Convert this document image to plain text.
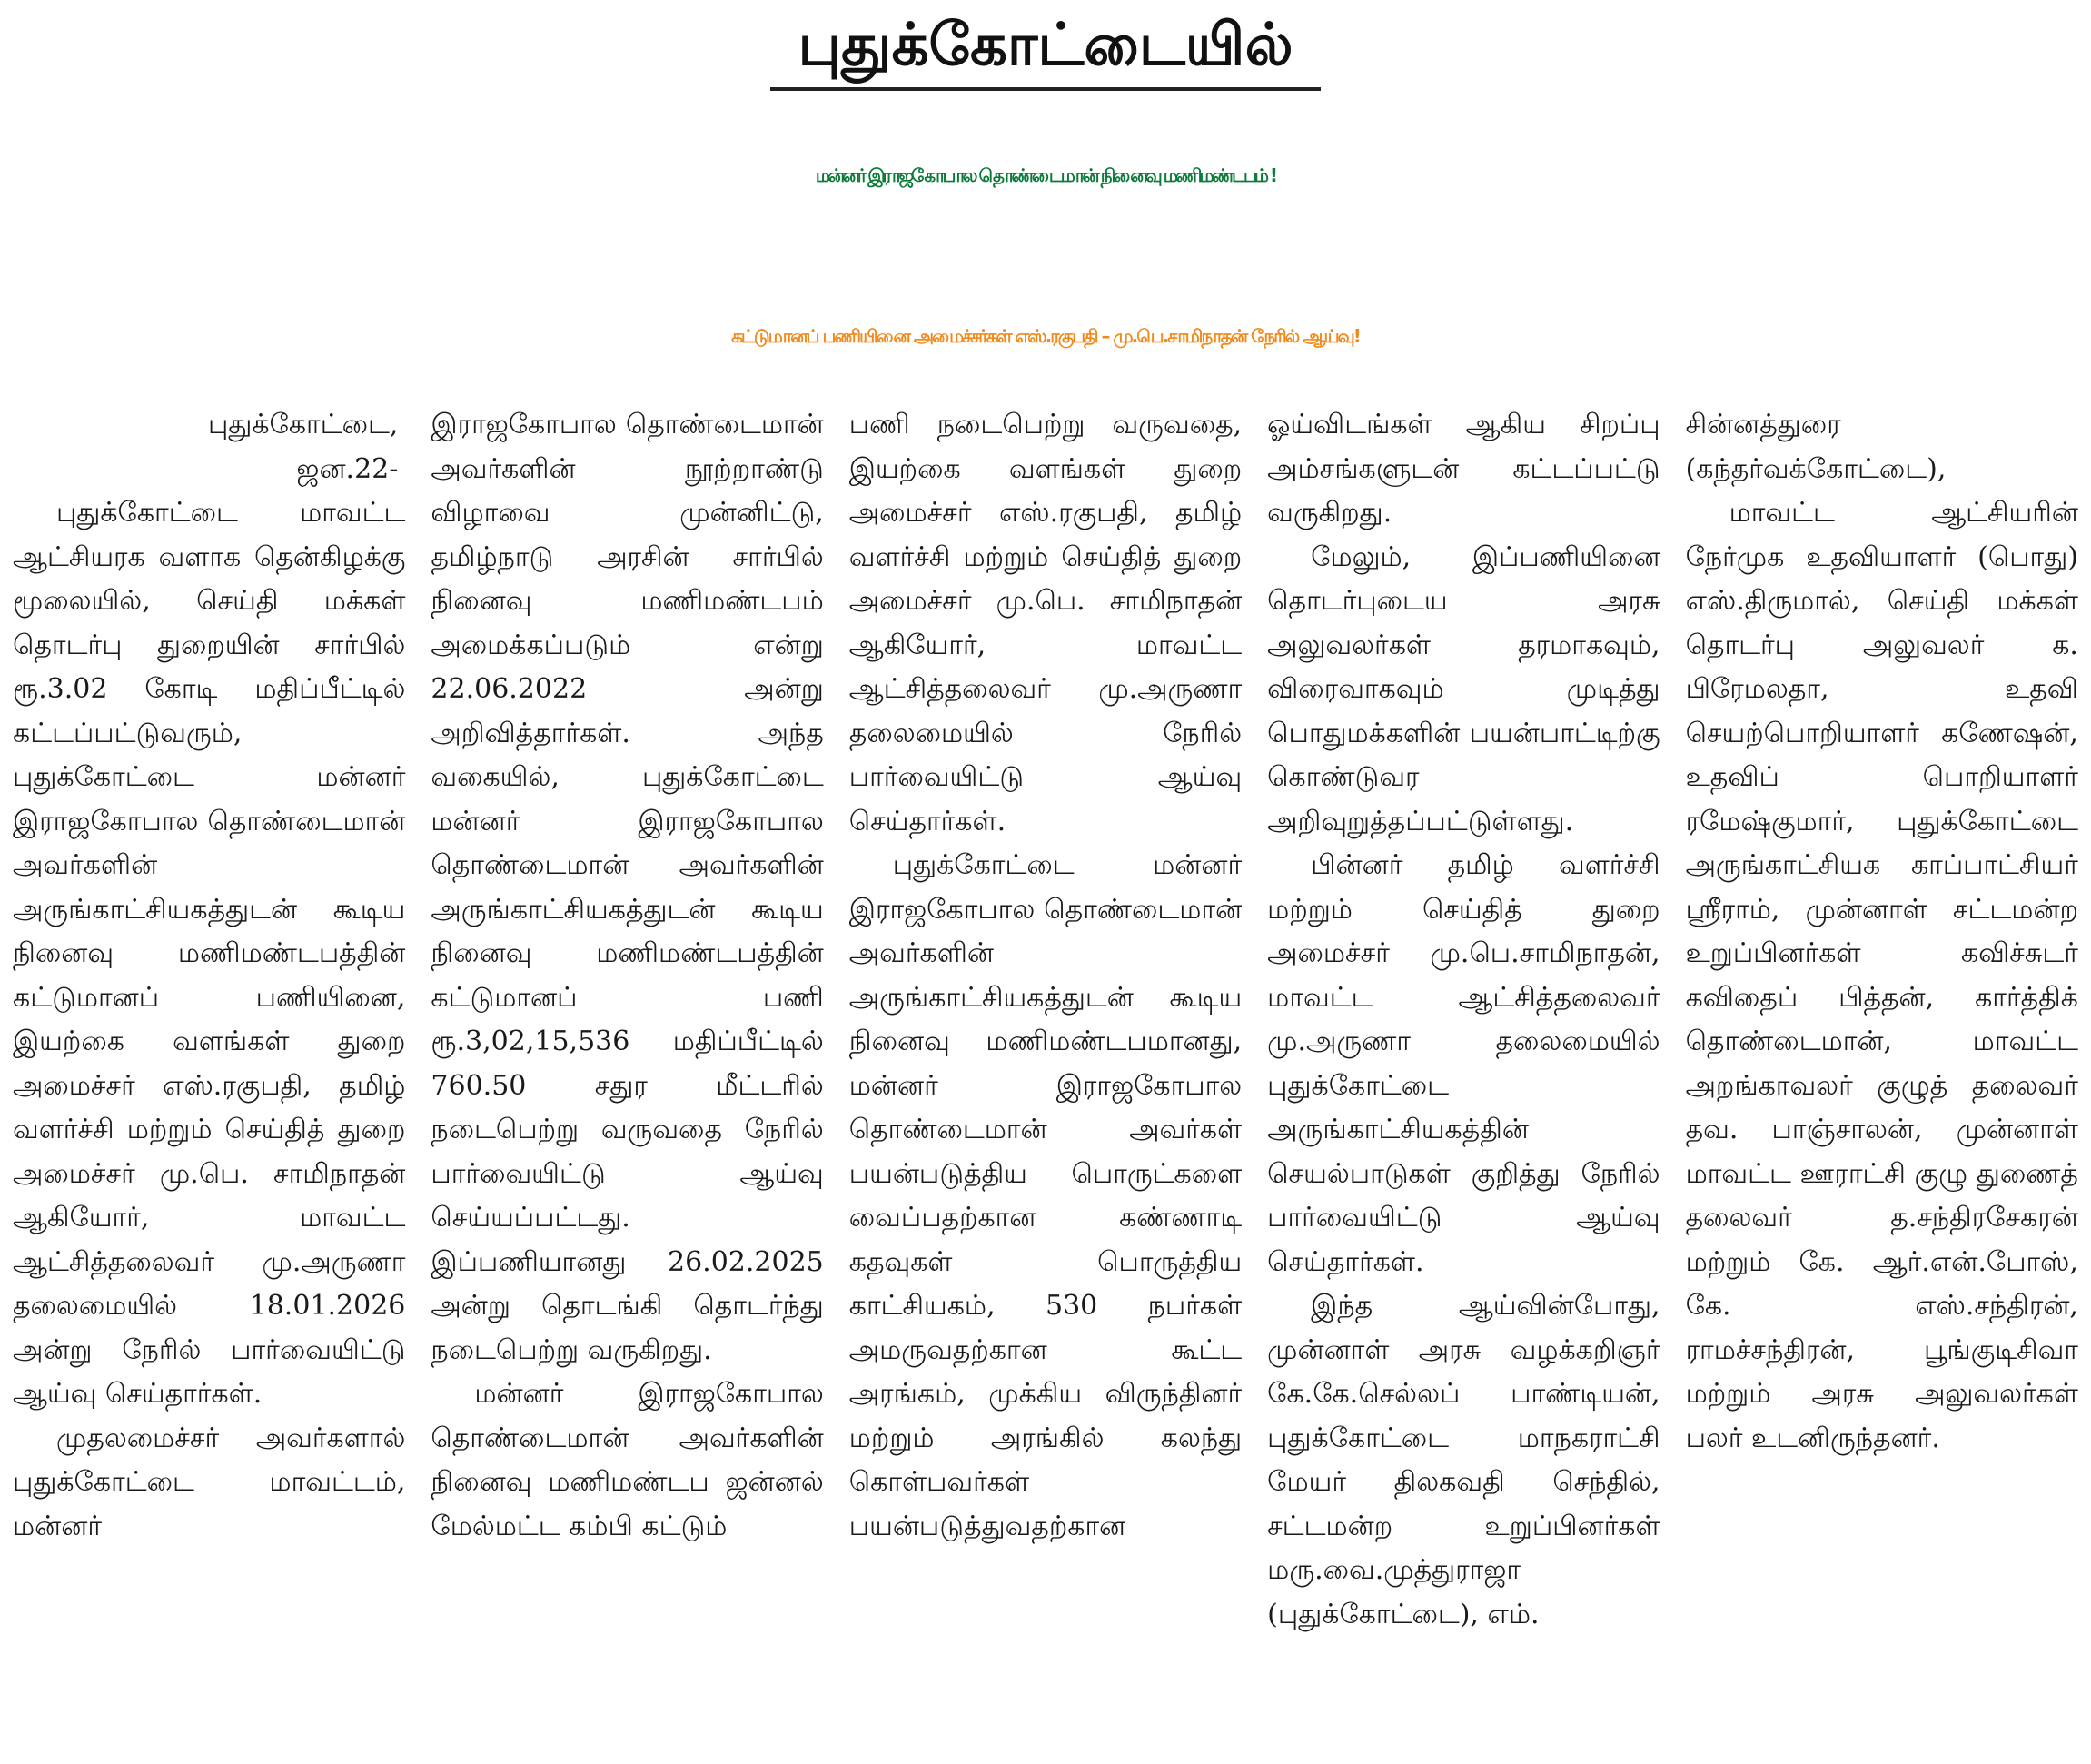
புதுக்கோட்டையில்
மன்னர் இராஜகோபால தொண்டைமான் நினைவு மணிமண்டபம் !
கட்டுமானப் பணியினை அமைச்சர்கள் எஸ்.ரகுபதி – மு.பெ.சாமிநாதன் நேரில் ஆய்வு!
புதுக்கோட்டை,
ஜன.22-

புதுக்கோட்டை மாவட்ட ஆட்சியரக வளாக தென்கிழக்கு மூலையில், செய்தி மக்கள் தொடர்பு துறையின் சார்பில் ரூ.3.02 கோடி மதிப்பீட்டில் கட்டப்பட்டுவரும், புதுக்கோட்டை மன்னர் இராஜகோபால தொண்டைமான் அவர்களின் அருங்காட்சியகத்துடன் கூடிய நினைவு மணிமண்டபத்தின் கட்டுமானப் பணியினை, இயற்கை வளங்கள் துறை அமைச்சர் எஸ்.ரகுபதி, தமிழ் வளர்ச்சி மற்றும் செய்தித் துறை அமைச்சர் மு.பெ. சாமிநாதன் ஆகியோர், மாவட்ட ஆட்சித்தலைவர் மு.அருணா தலைமையில் 18.01.2026 அன்று நேரில் பார்வையிட்டு ஆய்வு செய்தார்கள்.

முதலமைச்சர் அவர்களால் புதுக்கோட்டை மாவட்டம், மன்னர்

இராஜகோபால தொண்டைமான் அவர்களின் நூற்றாண்டு விழாவை முன்னிட்டு, தமிழ்நாடு அரசின் சார்பில் நினைவு மணிமண்டபம் அமைக்கப்படும் என்று 22.06.2022 அன்று அறிவித்தார்கள். அந்த வகையில், புதுக்கோட்டை மன்னர் இராஜகோபால தொண்டைமான் அவர்களின் அருங்காட்சியகத்துடன் கூடிய நினைவு மணிமண்டபத்தின் கட்டுமானப் பணி ரூ.3,02,15,536 மதிப்பீட்டில் 760.50 சதுர மீட்டரில் நடைபெற்று வருவதை நேரில் பார்வையிட்டு ஆய்வு செய்யப்பட்டது. இப்பணியானது 26.02.2025 அன்று தொடங்கி தொடர்ந்து நடைபெற்று வருகிறது.

மன்னர் இராஜகோபால தொண்டைமான் அவர்களின் நினைவு மணிமண்டப ஜன்னல் மேல்மட்ட கம்பி கட்டும்

பணி நடைபெற்று வருவதை, இயற்கை வளங்கள் துறை அமைச்சர் எஸ்.ரகுபதி, தமிழ் வளர்ச்சி மற்றும் செய்தித் துறை அமைச்சர் மு.பெ. சாமிநாதன் ஆகியோர், மாவட்ட ஆட்சித்தலைவர் மு.அருணா தலைமையில் நேரில் பார்வையிட்டு ஆய்வு செய்தார்கள்.

புதுக்கோட்டை மன்னர் இராஜகோபால தொண்டைமான் அவர்களின் அருங்காட்சியகத்துடன் கூடிய நினைவு மணிமண்டபமானது, மன்னர் இராஜகோபால தொண்டைமான் அவர்கள் பயன்படுத்திய பொருட்களை வைப்பதற்கான கண்ணாடி கதவுகள் பொருத்திய காட்சியகம், 530 நபர்கள் அமருவதற்கான கூட்ட அரங்கம், முக்கிய விருந்தினர் மற்றும் அரங்கில் கலந்து கொள்பவர்கள் பயன்படுத்துவதற்கான

ஓய்விடங்கள் ஆகிய சிறப்பு அம்சங்களுடன் கட்டப்பட்டு வருகிறது.

மேலும், இப்பணியினை தொடர்புடைய அரசு அலுவலர்கள் தரமாகவும், விரைவாகவும் முடித்து பொதுமக்களின் பயன்பாட்டிற்கு கொண்டுவர அறிவுறுத்தப்பட்டுள்ளது.

பின்னர் தமிழ் வளர்ச்சி மற்றும் செய்தித் துறை அமைச்சர் மு.பெ.சாமிநாதன், மாவட்ட ஆட்சித்தலைவர் மு.அருணா தலைமையில் புதுக்கோட்டை அருங்காட்சியகத்தின் செயல்பாடுகள் குறித்து நேரில் பார்வையிட்டு ஆய்வு செய்தார்கள்.

இந்த ஆய்வின்போது, முன்னாள் அரசு வழக்கறிஞர் கே.கே.செல்லப் பாண்டியன், புதுக்கோட்டை மாநகராட்சி மேயர் திலகவதி செந்தில், சட்டமன்ற உறுப்பினர்கள் மரு.வை.முத்துராஜா (புதுக்கோட்டை), எம்.

சின்னத்துரை (கந்தர்வக்கோட்டை),

மாவட்ட ஆட்சியரின் நேர்முக உதவியாளர் (பொது) எஸ்.திருமால், செய்தி மக்கள் தொடர்பு அலுவலர் க. பிரேமலதா, உதவி செயற்பொறியாளர் கணேஷன், உதவிப் பொறியாளர் ரமேஷ்குமார், புதுக்கோட்டை அருங்காட்சியக காப்பாட்சியர் ஸ்ரீராம், முன்னாள் சட்டமன்ற உறுப்பினர்கள் கவிச்சுடர் கவிதைப் பித்தன், கார்த்திக் தொண்டைமான், மாவட்ட அறங்காவலர் குழுத் தலைவர் தவ. பாஞ்சாலன், முன்னாள் மாவட்ட ஊராட்சி குழு துணைத் தலைவர் த.சந்திரசேகரன் மற்றும் கே. ஆர்.என்.போஸ், கே. எஸ்.சந்திரன், ராமச்சந்திரன், பூங்குடிசிவா மற்றும் அரசு அலுவலர்கள் பலர் உடனிருந்தனர்.
